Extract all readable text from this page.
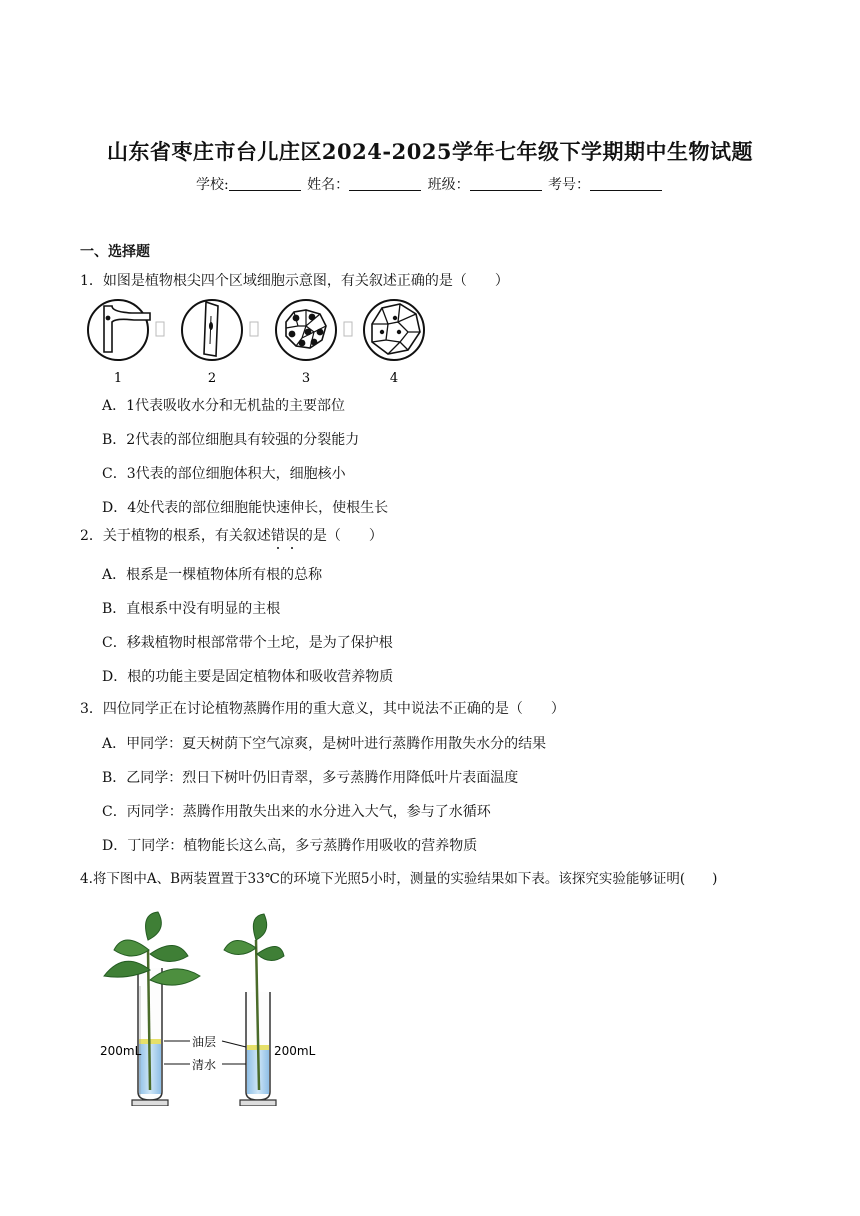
山东省枣庄市台儿庄区2024-2025学年七年级下学期期中生物试题
学校:	姓名：	班级：	考号：
一、选择题
1．如图是植物根尖四个区域细胞示意图，有关叙述正确的是（　　）
1	2	3	4
A．1代表吸收水分和无机盐的主要部位
B．2代表的部位细胞具有较强的分裂能力
C．3代表的部位细胞体积大，细胞核小
D．4处代表的部位细胞能快速伸长，使根生长
2．关于植物的根系，有关叙述错误的是（　　）
A．根系是一棵植物体所有根的总称
B．直根系中没有明显的主根
C．移栽植物时根部常带个土坨，是为了保护根
D．根的功能主要是固定植物体和吸收营养物质
3．四位同学正在讨论植物蒸腾作用的重大意义，其中说法不正确的是（　　）
A．甲同学：夏天树荫下空气凉爽，是树叶进行蒸腾作用散失水分的结果
B．乙同学：烈日下树叶仍旧青翠，多亏蒸腾作用降低叶片表面温度
C．丙同学：蒸腾作用散失出来的水分进入大气，参与了水循环
D．丁同学：植物能长这么高，多亏蒸腾作用吸收的营养物质
4.将下图中A、B两装置置于33℃的环境下光照5小时，测量的实验结果如下表。该探究实验能够证明(　　)
200mL
油层
清水
200mL
